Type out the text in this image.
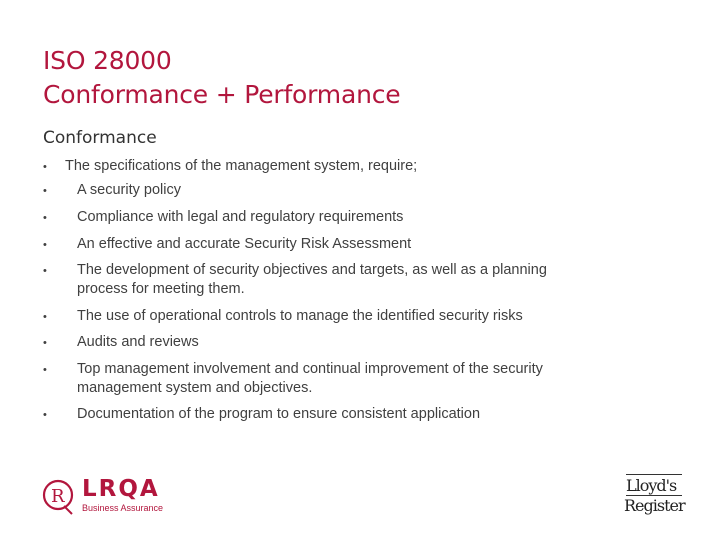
ISO 28000
Conformance + Performance
Conformance
• The specifications of the management system, require;
• A security policy
• Compliance with legal and regulatory requirements
• An effective and accurate Security Risk Assessment
• The development of security objectives and targets, as well as a planning process for meeting them.
• The use of operational controls to manage the identified security risks
• Audits and reviews
• Top management involvement and continual improvement of the security management system and objectives.
• Documentation of the program to ensure consistent application
R LRQA
Business Assurance
Lloyd's
Register
